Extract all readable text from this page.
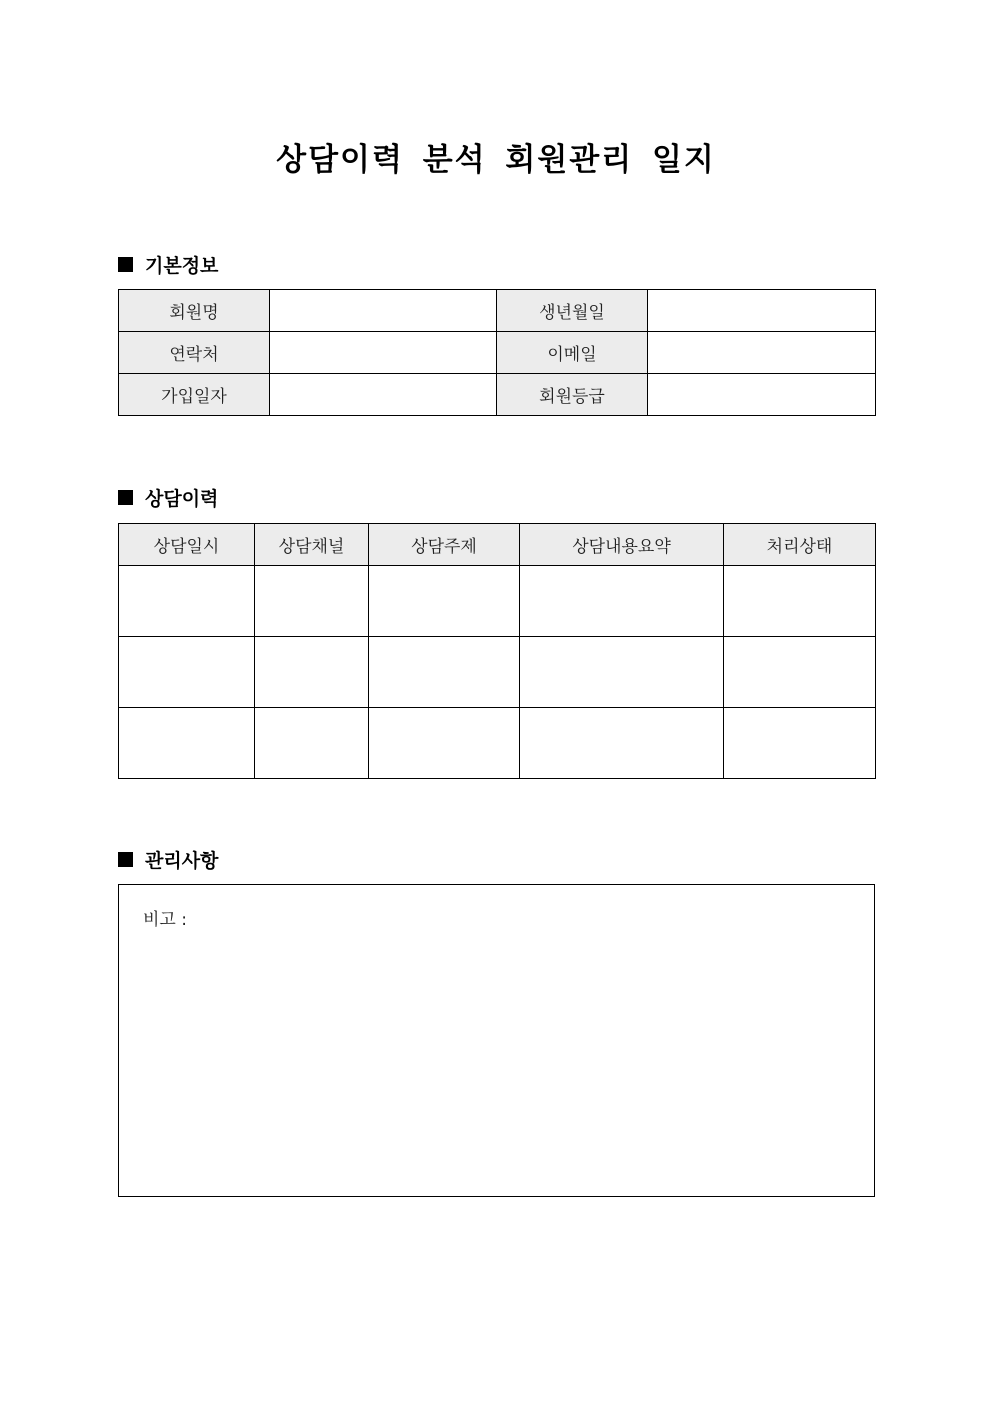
상담이력 분석 회원관리 일지
기본정보
회원명		생년월일	
연락처		이메일	
가입일자		회원등급	
상담이력
상담일시	상담채널	상담주제	상담내용요약	처리상태

관리사항
비고 :
